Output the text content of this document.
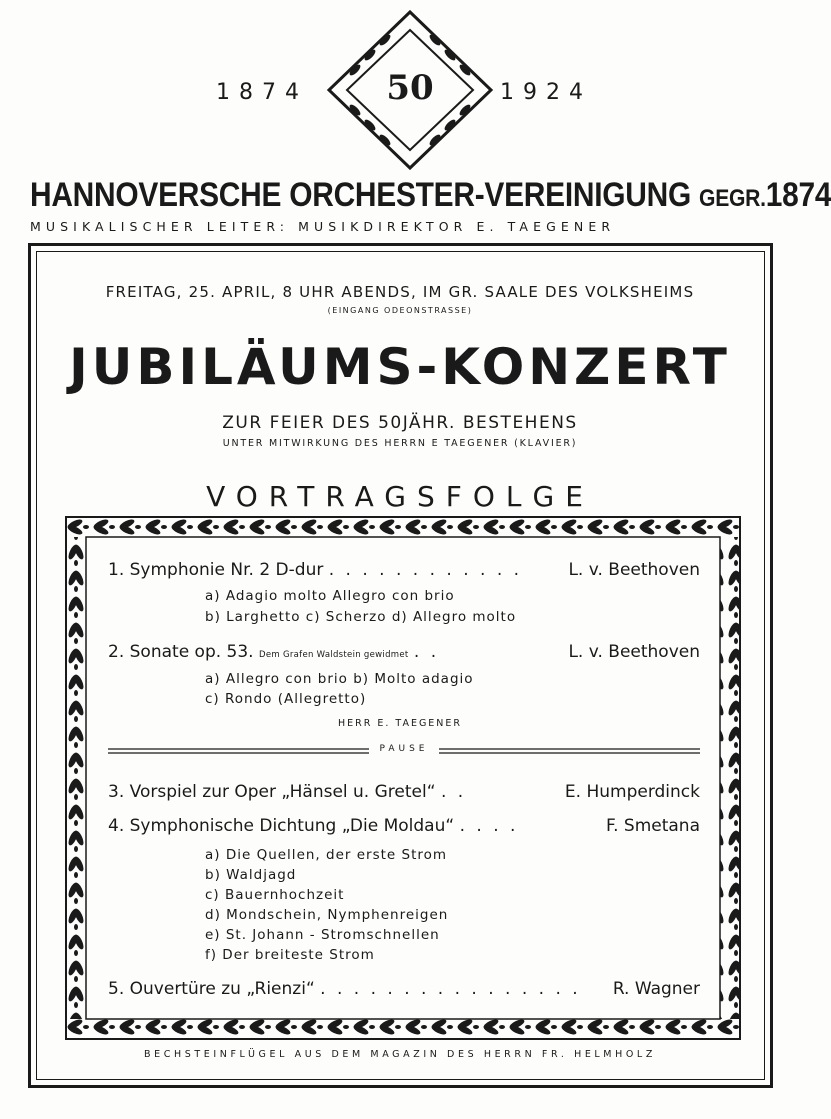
1874	1924
50
HANNOVERSCHE ORCHESTER-VEREINIGUNG GEGR.1874
MUSIKALISCHER LEITER: MUSIKDIREKTOR E. TAEGENER
FREITAG, 25. APRIL, 8 UHR ABENDS, IM GR. SAALE DES VOLKSHEIMS
(EINGANG ODEONSTRASSE)
JUBILÄUMS-KONZERT
ZUR FEIER DES 50JÄHR. BESTEHENS
UNTER MITWIRKUNG DES HERRN E TAEGENER (KLAVIER)
VORTRAGSFOLGE
1. Symphonie Nr. 2 D-dur . . . . . . . . . . . .	L. v. Beethoven
a) Adagio molto Allegro con brio
b) Larghetto c) Scherzo d) Allegro molto
2. Sonate op. 53. Dem Grafen Waldstein gewidmet . .	L. v. Beethoven
a) Allegro con brio b) Molto adagio
c) Rondo (Allegretto)
HERR E. TAEGENER
PAUSE
3. Vorspiel zur Oper „Hänsel u. Gretel“ . .	E. Humperdinck
4. Symphonische Dichtung „Die Moldau“ . . . .	F. Smetana
a) Die Quellen, der erste Strom
b) Waldjagd
c) Bauernhochzeit
d) Mondschein, Nymphenreigen
e) St. Johann - Stromschnellen
f) Der breiteste Strom
5. Ouvertüre zu „Rienzi“ . . . . . . . . . . . . . . . . R. Wagner
BECHSTEINFLÜGEL AUS DEM MAGAZIN DES HERRN FR. HELMHOLZ
